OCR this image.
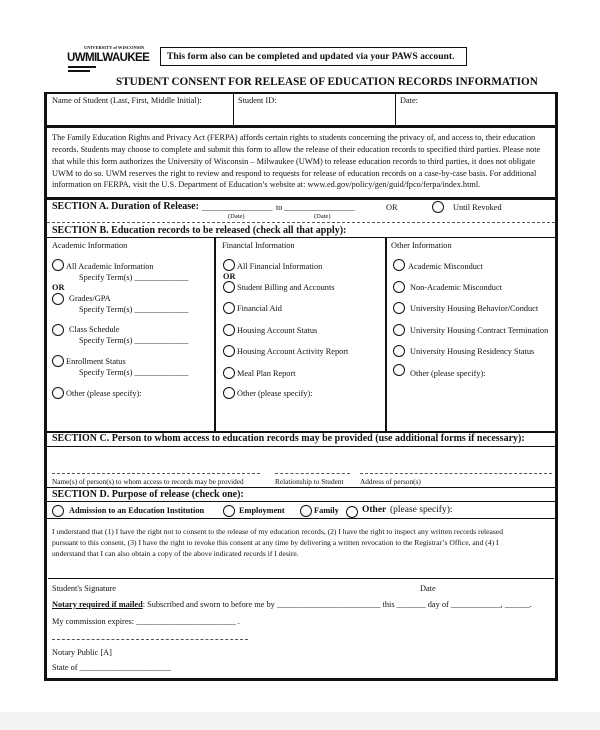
UNIVERSITY of WISCONSIN
UWMILWAUKEE This form also can be completed and updated via your PAWS account.
STUDENT CONSENT FOR RELEASE OF EDUCATION RECORDS INFORMATION
Name of Student (Last, First, Middle Initial):	Student ID:	Date:
The Family Education Rights and Privacy Act (FERPA) affords certain rights to students concerning the privacy of, and access to, their education
records. Students may choose to complete and submit this form to allow the release of their education records to specified third parties. Please note
that while this form authorizes the University of Wisconsin – Milwaukee (UWM) to release education records to third parties, it does not obligate
UWM to do so. UWM reserves the right to review and respond to requests for release of education records on a case-by-case basis. For additional
information on FERPA, visit the U.S. Department of Education’s website at: www.ed.gov/policy/gen/guid/fpco/ferpa/index.html.
SECTION A. Duration of Release: _________________ to _________________
(Date)	(Date)
OR	Until Revoked
SECTION B. Education records to be released (check all that apply):
Academic Information
All Academic Information
Specify Term(s) _____________
OR
Grades/GPA
Specify Term(s) _____________
Class Schedule
Specify Term(s) _____________
Enrollment Status
Specify Term(s) _____________
Other (please specify):
Financial Information
All Financial Information
OR
Student Billing and Accounts
Financial Aid
Housing Account Status
Housing Account Activity Report
Meal Plan Report
Other (please specify):
Other Information
Academic Misconduct
Non-Academic Misconduct
University Housing Behavior/Conduct
University Housing Contract Termination
University Housing Residency Status
Other (please specify):
SECTION C. Person to whom access to education records may be provided (use additional forms if necessary):
Name(s) of person(s) to whom access to records may be provided	Relationship to Student Address of person(s)
SECTION D. Purpose of release (check one):
Admission to an Education Institution	Employment	Family Other (please specify):
I understand that (1) I have the right not to consent to the release of my education records, (2) I have the right to inspect any written records released
pursuant to this consent, (3) I have the right to revoke this consent at any time by delivering a written revocation to the Registrar’s Office, and (4) I
understand that I can also obtain a copy of the above indicated records if I desire.
Student's Signature	Date
Notary required if mailed: Subscribed and sworn to before me by _________________________ this _______ day of ____________, ______.
My commission expires: ________________________ .
Notary Public [A]
State of ______________________
